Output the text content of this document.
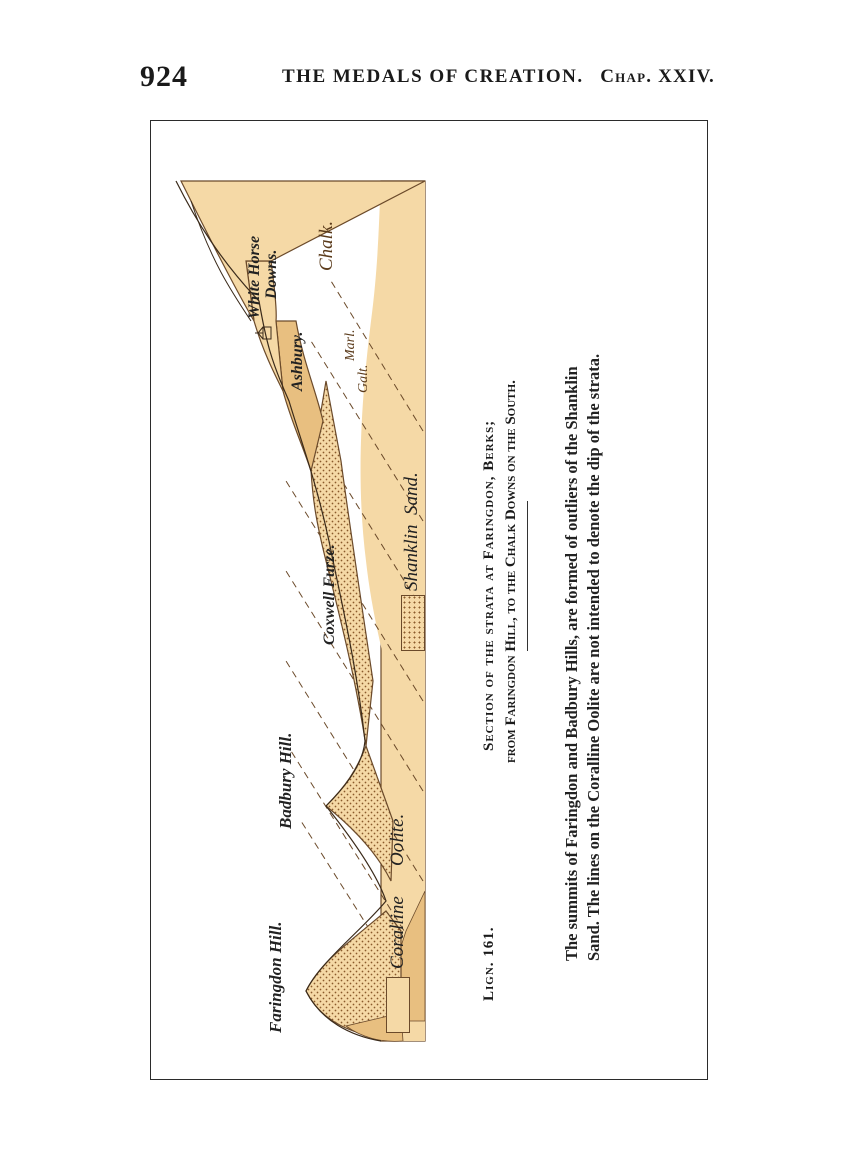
924	THE MEDALS OF CREATION. Chap. XXIV.
Faringdon Hill.
Badbury Hill.
Coxwell Furze.
Ashbury.
White Horse Downs.
Chalk.
Marl.
Galt.
Coralline
Oolite.
Shanklin  Sand.
Lign. 161.
Section of the strata at Faringdon, Berks; from Faringdon Hill, to the Chalk Downs on the South.	The summits of Faringdon and Badbury Hills, are formed of outliers of the Shanklin Sand. The lines on the Coralline Oolite are not intended to denote the dip of the strata.
